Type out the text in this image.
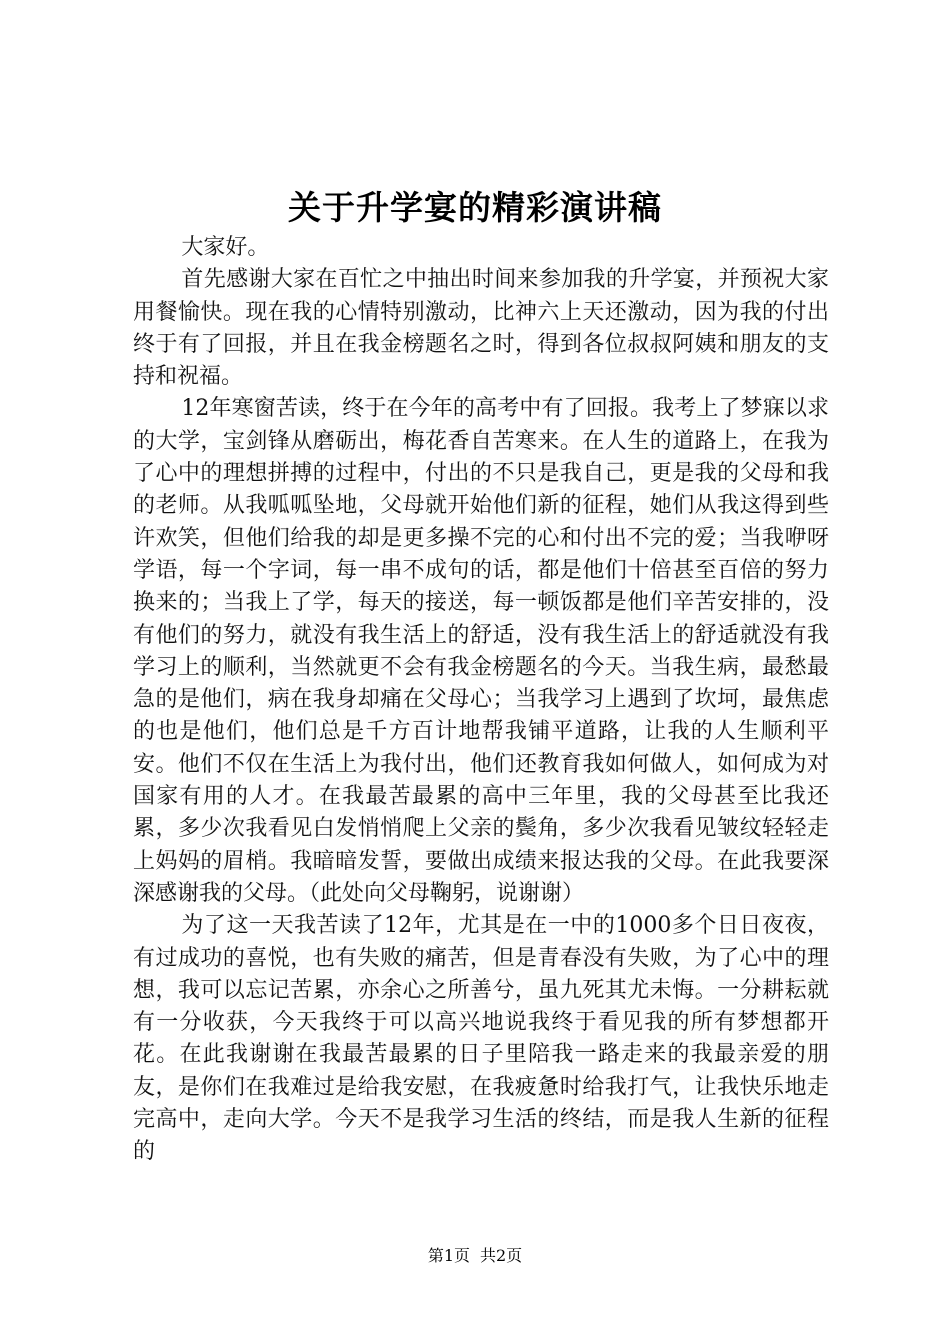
关于升学宴的精彩演讲稿

大家好。

首先感谢大家在百忙之中抽出时间来参加我的升学宴，并预祝大家用餐愉快。现在我的心情特别激动，比神六上天还激动，因为我的付出终于有了回报，并且在我金榜题名之时，得到各位叔叔阿姨和朋友的支持和祝福。

12年寒窗苦读，终于在今年的高考中有了回报。我考上了梦寐以求的大学，宝剑锋从磨砺出，梅花香自苦寒来。在人生的道路上，在我为了心中的理想拼搏的过程中，付出的不只是我自己，更是我的父母和我的老师。从我呱呱坠地，父母就开始他们新的征程，她们从我这得到些许欢笑，但他们给我的却是更多操不完的心和付出不完的爱；当我咿呀学语，每一个字词，每一串不成句的话，都是他们十倍甚至百倍的努力换来的；当我上了学，每天的接送，每一顿饭都是他们辛苦安排的，没有他们的努力，就没有我生活上的舒适，没有我生活上的舒适就没有我学习上的顺利，当然就更不会有我金榜题名的今天。当我生病，最愁最急的是他们，病在我身却痛在父母心；当我学习上遇到了坎坷，最焦虑的也是他们，他们总是千方百计地帮我铺平道路，让我的人生顺利平安。他们不仅在生活上为我付出，他们还教育我如何做人，如何成为对国家有用的人才。在我最苦最累的高中三年里，我的父母甚至比我还累，多少次我看见白发悄悄爬上父亲的鬓角，多少次我看见皱纹轻轻走上妈妈的眉梢。我暗暗发誓，要做出成绩来报达我的父母。在此我要深深感谢我的父母。（此处向父母鞠躬，说谢谢）

为了这一天我苦读了12年，尤其是在一中的1000多个日日夜夜，有过成功的喜悦，也有失败的痛苦，但是青春没有失败，为了心中的理想，我可以忘记苦累，亦余心之所善兮，虽九死其尤未悔。一分耕耘就有一分收获，今天我终于可以高兴地说我终于看见我的所有梦想都开花。在此我谢谢在我最苦最累的日子里陪我一路走来的我最亲爱的朋友，是你们在我难过是给我安慰，在我疲惫时给我打气，让我快乐地走完高中，走向大学。今天不是我学习生活的终结，而是我人生新的征程的

第1页 共2页
